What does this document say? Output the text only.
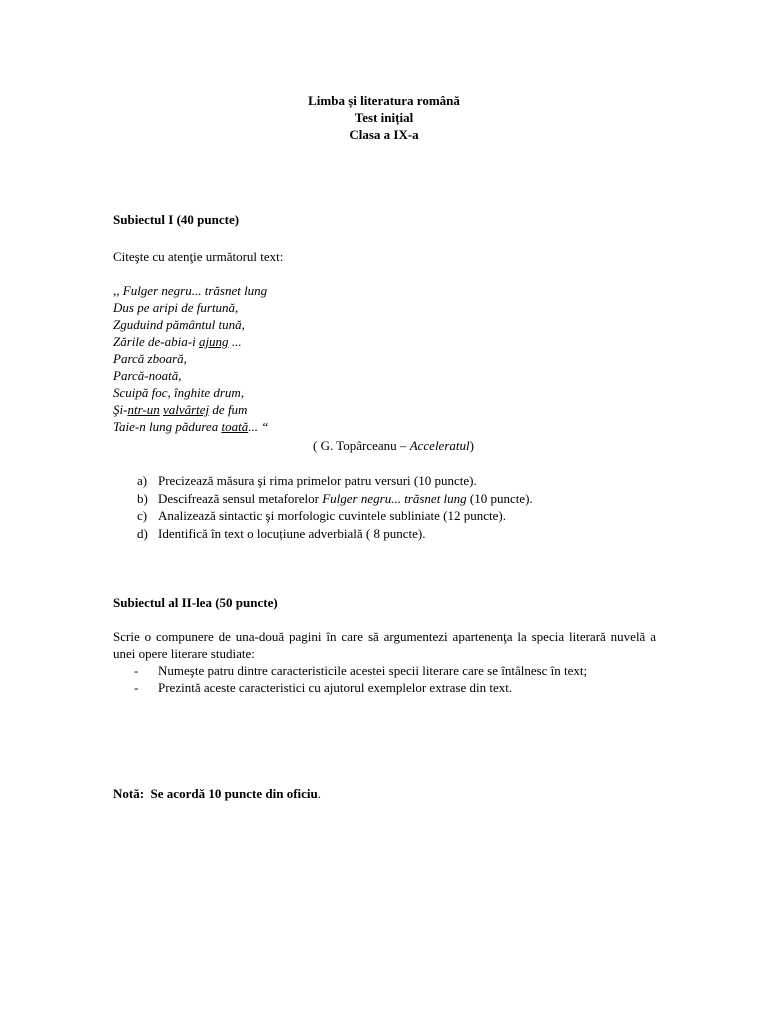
Limba și literatura română
Test inițial
Clasa a IX-a
Subiectul I (40 puncte)
Citeşte cu atenţie următorul text:
,, Fulger negru... trăsnet lung
Dus pe aripi de furtună,
Zguduind pământul tună,
Zările de-abia-i ajung ...
Parcă zboară,
Parcă-noată,
Scuipă foc, înghite drum,
Şi-ntr-un valvârtej de fum
Taie-n lung pădurea toată... “
( G. Topârceanu – Acceleratul)
a) Precizează măsura şi rima primelor patru versuri (10 puncte).
b) Descifrează sensul metaforelor Fulger negru... trăsnet lung (10 puncte).
c) Analizează sintactic şi morfologic cuvintele subliniate (12 puncte).
d) Identifică în text o locuțiune adverbială ( 8 puncte).
Subiectul al II-lea (50 puncte)
Scrie o compunere de una-două pagini în care să argumentezi apartenenţa la specia literară nuvelă a unei opere literare studiate:
- Numeşte patru dintre caracteristicile acestei specii literare care se întâlnesc în text;
- Prezintă aceste caracteristici cu ajutorul exemplelor extrase din text.
Notă: Se acordă 10 puncte din oficiu.
